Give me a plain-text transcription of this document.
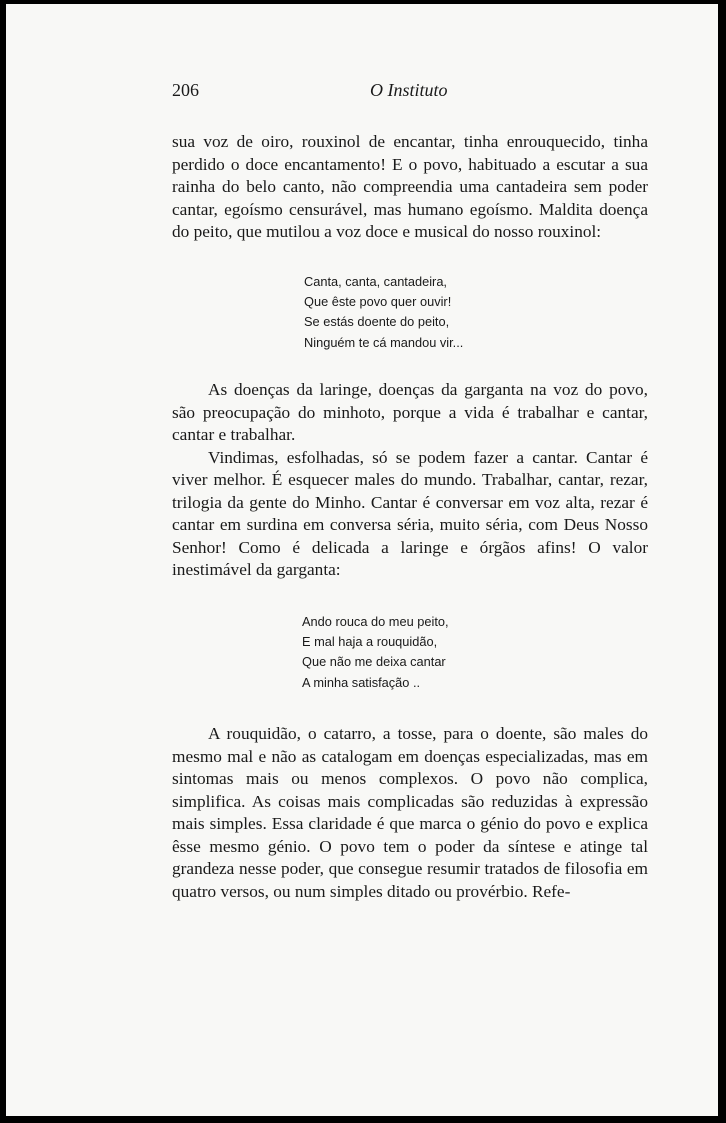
206	O Instituto

sua voz de oiro, rouxinol de encantar, tinha enrouquecido, tinha perdido o doce encantamento! E o povo, habituado a escutar a sua rainha do belo canto, não compreendia uma cantadeira sem poder cantar, egoísmo censurável, mas humano egoísmo. Maldita doença do peito, que mutilou a voz doce e musical do nosso rouxinol:

Canta, canta, cantadeira,
Que êste povo quer ouvir!
Se estás doente do peito,
Ninguém te cá mandou vir...

As doenças da laringe, doenças da garganta na voz do povo, são preocupação do minhoto, porque a vida é trabalhar e cantar, cantar e trabalhar.

Vindimas, esfolhadas, só se podem fazer a cantar. Cantar é viver melhor. É esquecer males do mundo. Trabalhar, cantar, rezar, trilogia da gente do Minho. Cantar é conversar em voz alta, rezar é cantar em surdina em conversa séria, muito séria, com Deus Nosso Senhor! Como é delicada a laringe e órgãos afins! O valor inestimável da garganta:

Ando rouca do meu peito,
E mal haja a rouquidão,
Que não me deixa cantar
A minha satisfação ..

A rouquidão, o catarro, a tosse, para o doente, são males do mesmo mal e não as catalogam em doenças especializadas, mas em sintomas mais ou menos complexos. O povo não complica, simplifica. As coisas mais complicadas são reduzidas à expressão mais simples. Essa claridade é que marca o génio do povo e explica êsse mesmo génio. O povo tem o poder da síntese e atinge tal grandeza nesse poder, que consegue resumir tratados de filosofia em quatro versos, ou num simples ditado ou provérbio. Refe-
